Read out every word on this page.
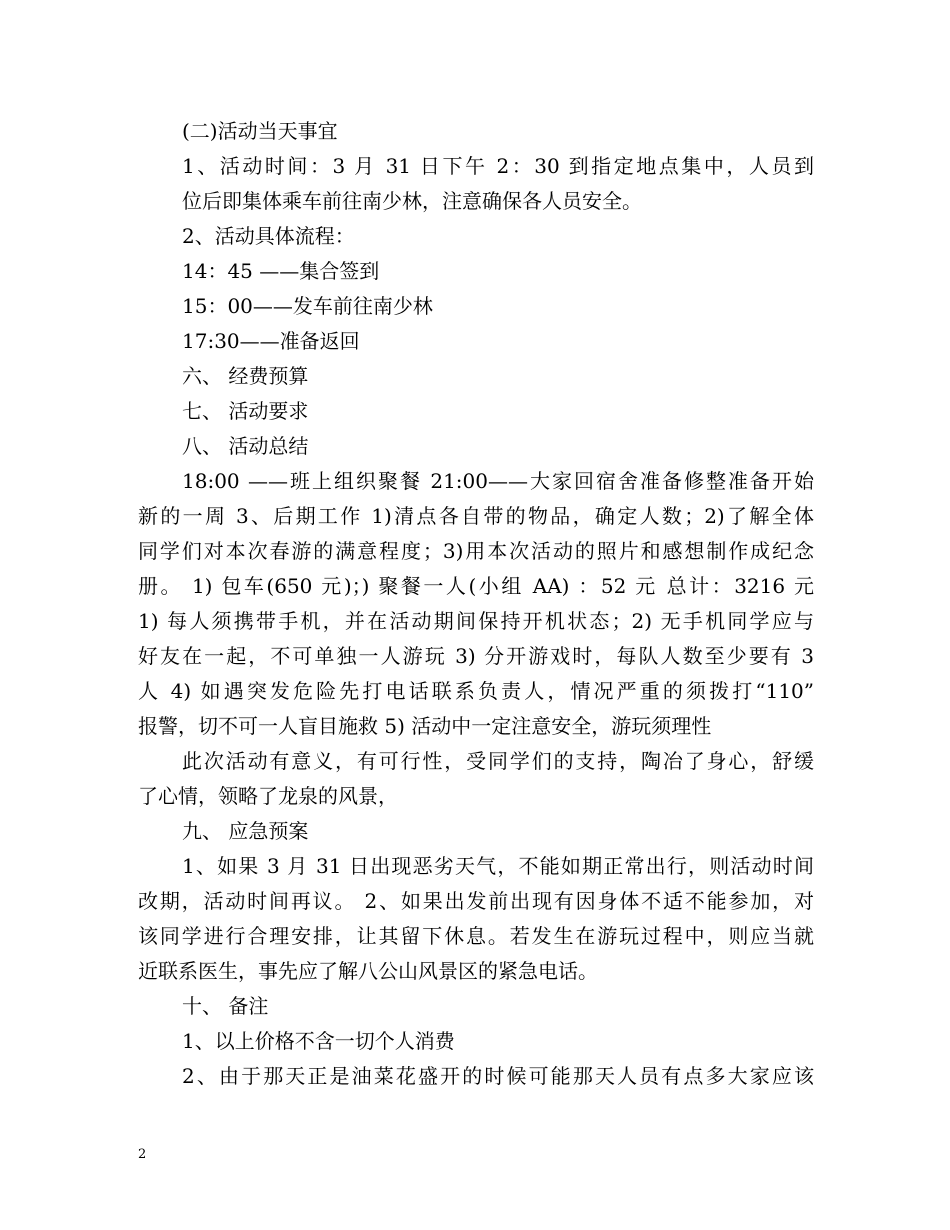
(二)活动当天事宜
1、活动时间：3 月 31 日下午 2：30 到指定地点集中，人员到
位后即集体乘车前往南少林，注意确保各人员安全。
2、活动具体流程：
14：45 ——集合签到
15：00——发车前往南少林
17:30——准备返回
六、 经费预算
七、 活动要求
八、 活动总结
18:00 ——班上组织聚餐 21:00——大家回宿舍准备修整准备开始
新的一周 3、后期工作 1)清点各自带的物品，确定人数；2)了解全体
同学们对本次春游的满意程度；3)用本次活动的照片和感想制作成纪念
册。 1) 包车(650 元)；) 聚餐一人(小组 AA) ：52 元 总计：3216 元
1) 每人须携带手机，并在活动期间保持开机状态；2) 无手机同学应与
好友在一起，不可单独一人游玩 3) 分开游戏时，每队人数至少要有 3
人 4) 如遇突发危险先打电话联系负责人，情况严重的须拨打“110”
报警，切不可一人盲目施救 5) 活动中一定注意安全，游玩须理性
此次活动有意义，有可行性，受同学们的支持，陶冶了身心，舒缓
了心情，领略了龙泉的风景，
九、 应急预案
1、如果 3 月 31 日出现恶劣天气，不能如期正常出行，则活动时间
改期，活动时间再议。 2、如果出发前出现有因身体不适不能参加，对
该同学进行合理安排，让其留下休息。若发生在游玩过程中，则应当就
近联系医生，事先应了解八公山风景区的紧急电话。
十、 备注
1、以上价格不含一切个人消费
2、由于那天正是油菜花盛开的时候可能那天人员有点多大家应该
2
